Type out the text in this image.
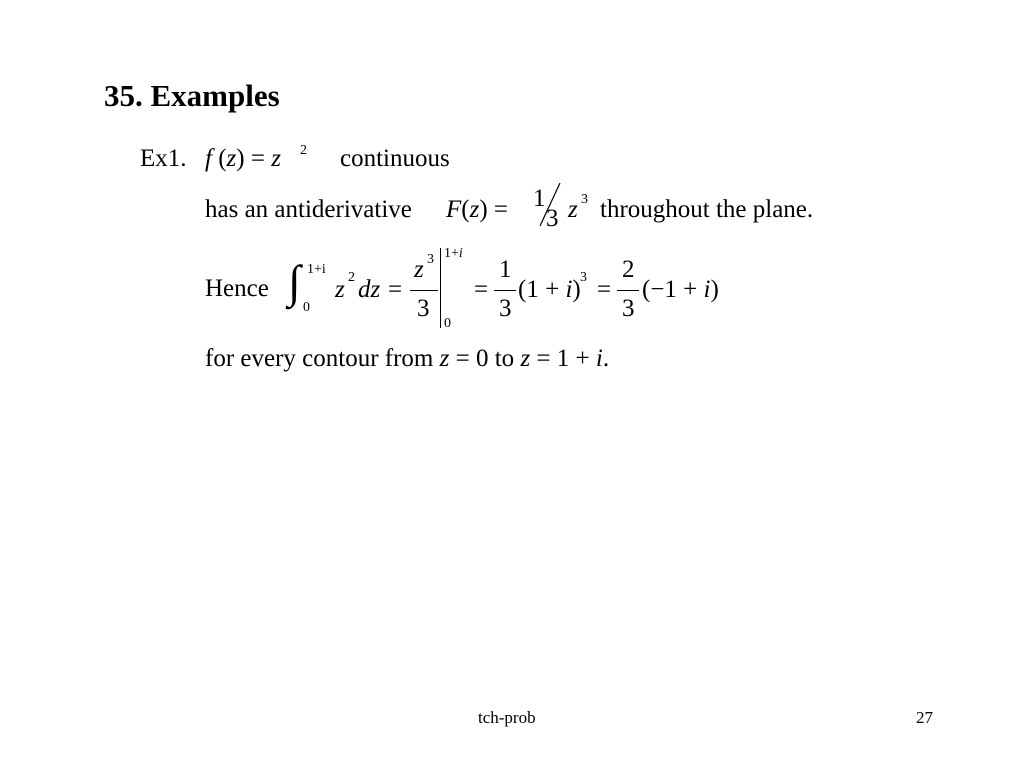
35. Examples
Ex1. f (z) = z 2 continuous
has an antiderivative F(z) = 1
3 z 3 throughout the plane.
Hence ∫ 1+i
0
z 2 dz =
z 3
3
1+i
0
=
1
3
(1 + i) 3 =
2
3
(−1 + i)
for every contour from z = 0 to z = 1 + i.
tch-prob	27
